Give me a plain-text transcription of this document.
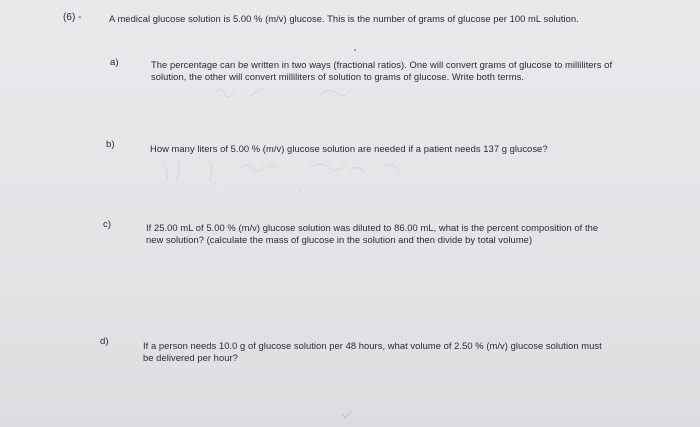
(6) -	A medical glucose solution is 5.00 % (m/v) glucose. This is the number of grams of glucose per 100 mL solution.
a)	The percentage can be written in two ways (fractional ratios). One will convert grams of glucose to milliliters of solution, the other will convert milliliters of solution to grams of glucose. Write both terms.
b)	How many liters of 5.00 % (m/v) glucose solution are needed if a patient needs 137 g glucose?
c)	If 25.00 mL of 5.00 % (m/v) glucose solution was diluted to 86.00 mL, what is the percent composition of the new solution? (calculate the mass of glucose in the solution and then divide by total volume)
d)	If a person needs 10.0 g of glucose solution per 48 hours, what volume of 2.50 % (m/v) glucose solution must be delivered per hour?
